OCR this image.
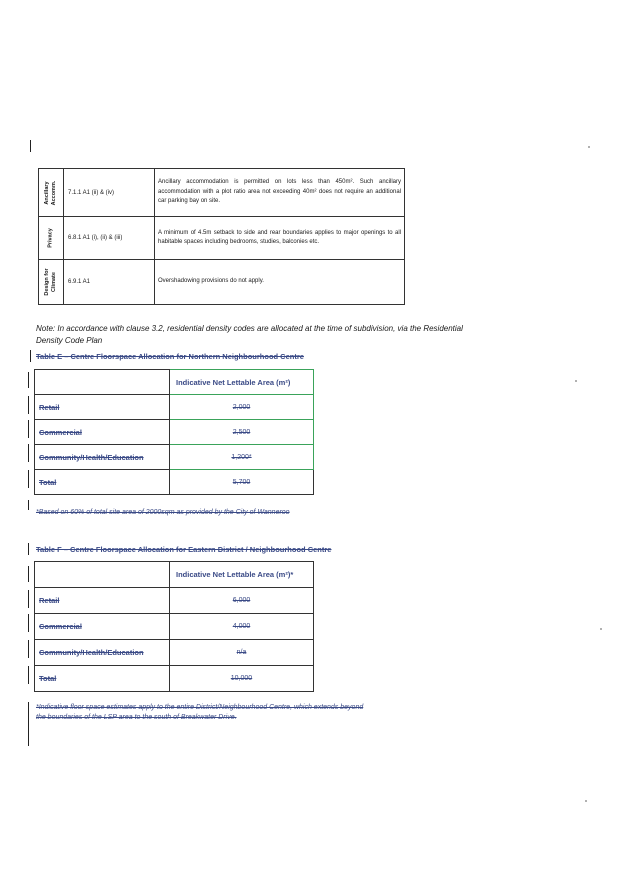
Ancillary Accomm.	7.1.1 A1 (ii) & (iv)	Ancillary accommodation is permitted on lots less than 450m². Such ancillary accommodation with a plot ratio area not exceeding 40m² does not require an additional car parking bay on site.

Privacy	6.8.1 A1 (i), (ii) & (iii)	A minimum of 4.5m setback to side and rear boundaries applies to major openings to all habitable spaces including bedrooms, studies, balconies etc.

Design for Climate	6.9.1 A1	Overshadowing provisions do not apply.
Note: In accordance with clause 3.2, residential density codes are allocated at the time of subdivision, via the Residential Density Code Plan
Table E – Centre Floorspace Allocation for Northern Neighbourhood Centre
	Indicative Net Lettable Area (m²)
Retail	2,000
Commercial	2,500
Community/Health/Education	1,200*
Total	5,700
*Based on 60% of total site area of 2000sqm as provided by the City of Wanneroo
Table F – Centre Floorspace Allocation for Eastern District / Neighbourhood Centre
	Indicative Net Lettable Area (m²)*
Retail	6,000
Commercial	4,000
Community/Health/Education	n/a
Total	10,000
*Indicative floor space estimates apply to the entire District/Neighbourhood Centre, which extends beyond
the boundaries of the LSP area to the south of Breakwater Drive.
